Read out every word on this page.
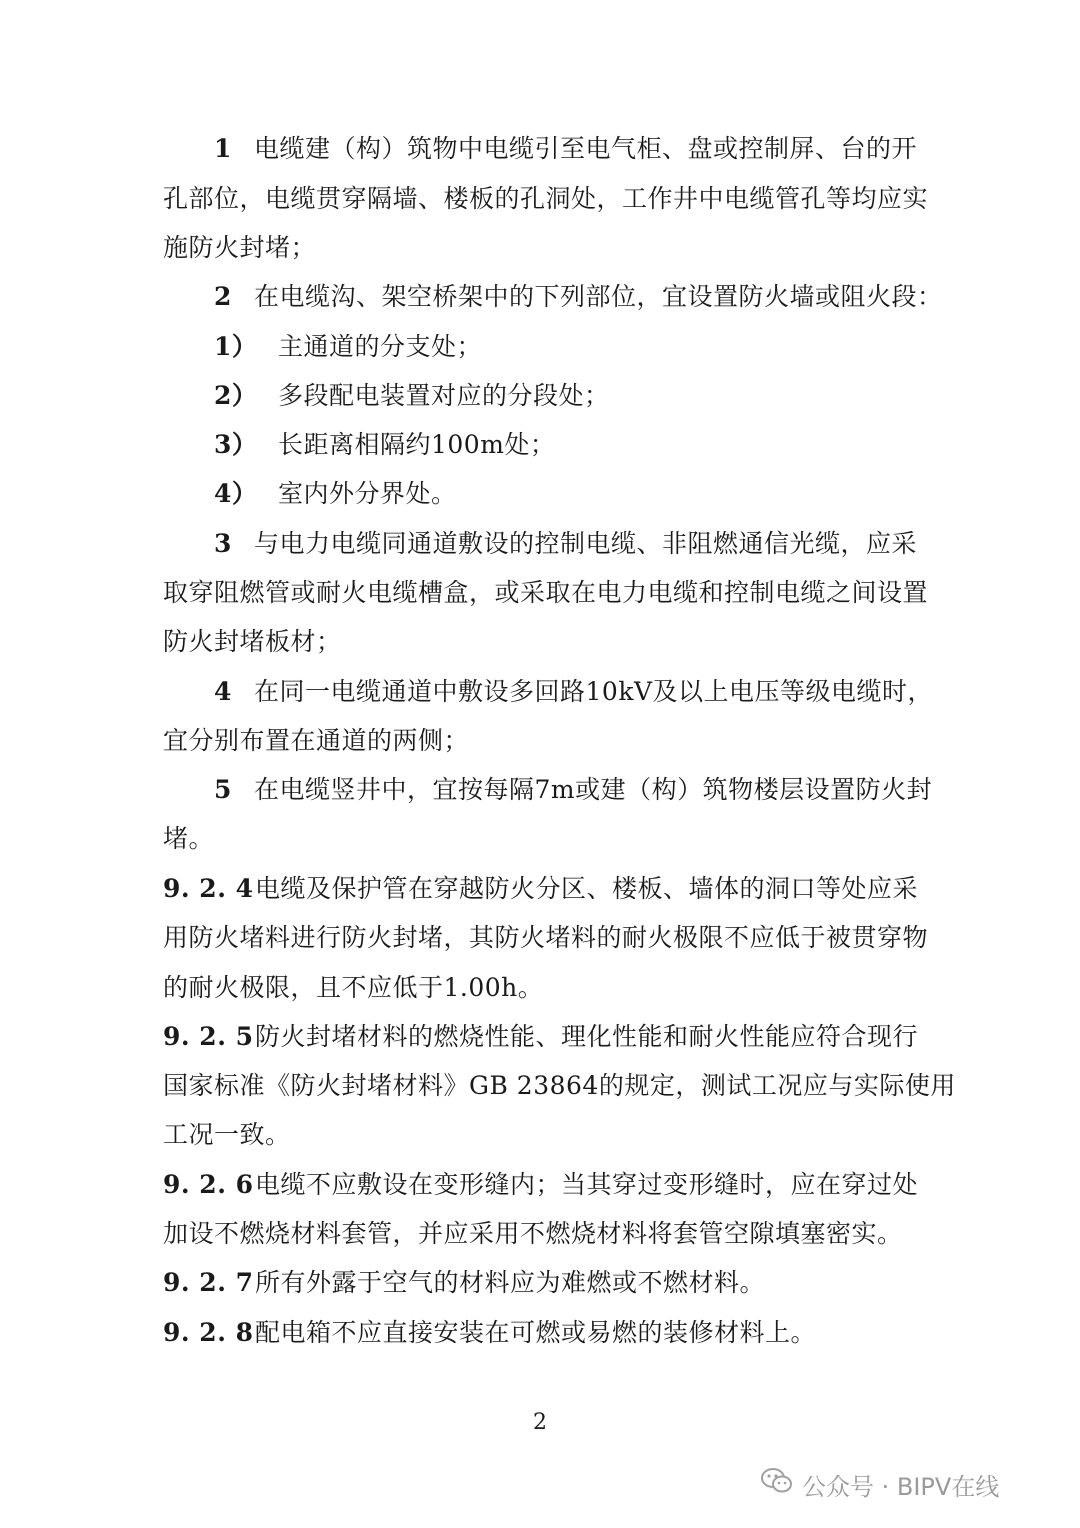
1 电缆建（构）筑物中电缆引至电气柜、盘或控制屏、台的开
孔部位，电缆贯穿隔墙、楼板的孔洞处，工作井中电缆管孔等均应实
施防火封堵；
2 在电缆沟、架空桥架中的下列部位，宜设置防火墙或阻火段：
1） 主通道的分支处；
2） 多段配电装置对应的分段处；
3） 长距离相隔约100m处；
4） 室内外分界处。
3 与电力电缆同通道敷设的控制电缆、非阻燃通信光缆，应采
取穿阻燃管或耐火电缆槽盒，或采取在电力电缆和控制电缆之间设置
防火封堵板材；
4 在同一电缆通道中敷设多回路10kV及以上电压等级电缆时，
宜分别布置在通道的两侧；
5 在电缆竖井中，宜按每隔7m或建（构）筑物楼层设置防火封
堵。
9. 2. 4 电缆及保护管在穿越防火分区、楼板、墙体的洞口等处应采
用防火堵料进行防火封堵，其防火堵料的耐火极限不应低于被贯穿物
的耐火极限，且不应低于1.00h。
9. 2. 5 防火封堵材料的燃烧性能、理化性能和耐火性能应符合现行
国家标准《防火封堵材料》GB 23864的规定，测试工况应与实际使用
工况一致。
9. 2. 6 电缆不应敷设在变形缝内；当其穿过变形缝时，应在穿过处
加设不燃烧材料套管，并应采用不燃烧材料将套管空隙填塞密实。
9. 2. 7 所有外露于空气的材料应为难燃或不燃材料。
9. 2. 8 配电箱不应直接安装在可燃或易燃的装修材料上。
2
公众号 · BIPV在线
